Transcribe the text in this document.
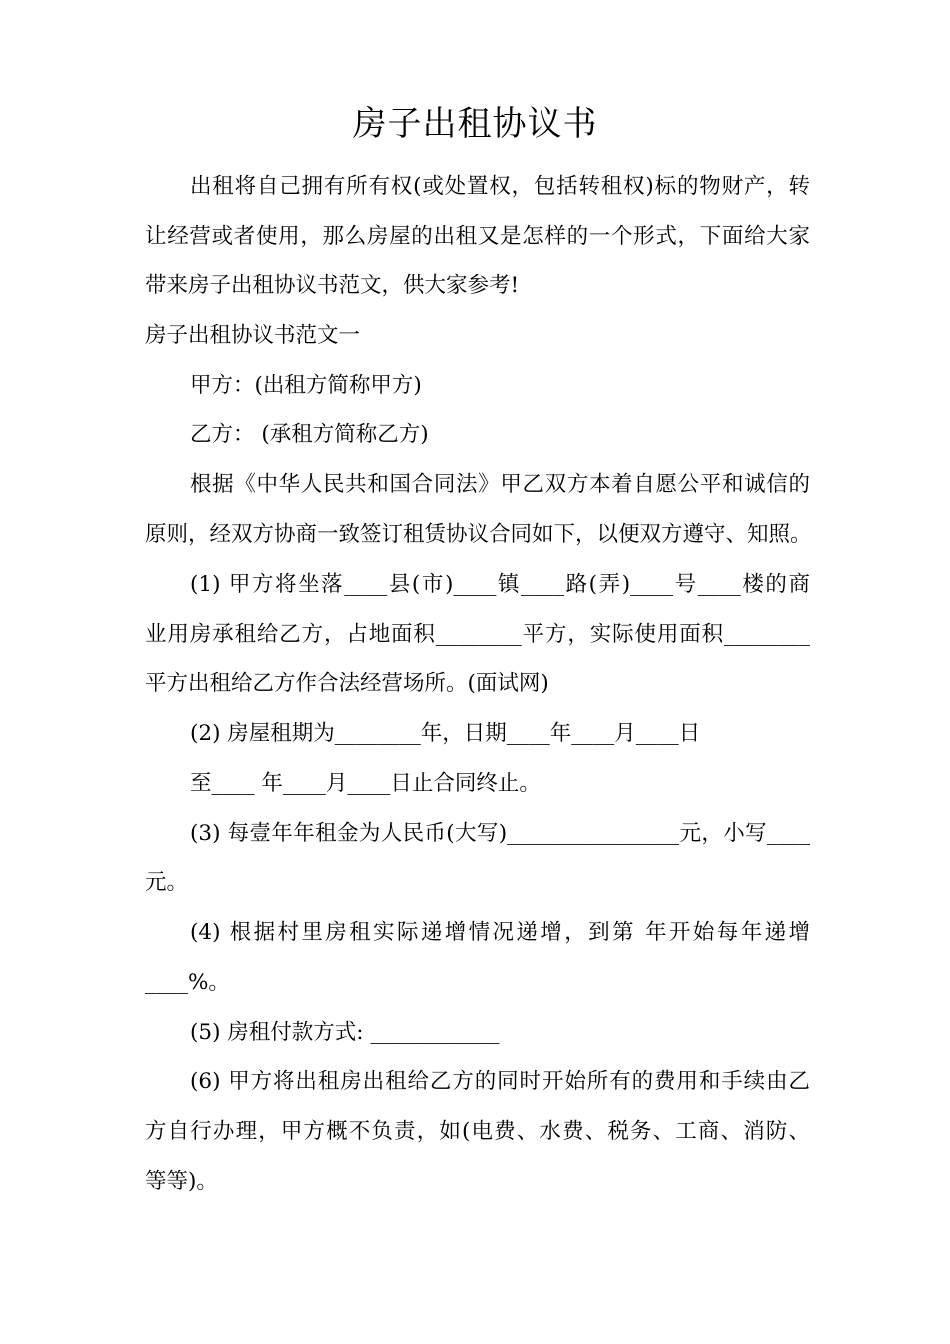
房子出租协议书
出租将自己拥有所有权(或处置权，包括转租权)标的物财产，转
让经营或者使用，那么房屋的出租又是怎样的一个形式，下面给大家
带来房子出租协议书范文，供大家参考!
房子出租协议书范文一
甲方：(出租方简称甲方)
乙方： (承租方简称乙方)
根据《中华人民共和国合同法》甲乙双方本着自愿公平和诚信的
原则，经双方协商一致签订租赁协议合同如下，以便双方遵守、知照。
(1) 甲方将坐落____县(市)____镇____路(弄)____号____楼的商
业用房承租给乙方，占地面积________平方，实际使用面积________
平方出租给乙方作合法经营场所。(面试网)
(2) 房屋租期为________年，日期____年____月____日
至____ 年____月____日止合同终止。
(3) 每壹年年租金为人民币(大写)________________元，小写____
元。
(4) 根据村里房租实际递增情况递增，到第 年开始每年递增
____%。
(5) 房租付款方式: ____________
(6) 甲方将出租房出租给乙方的同时开始所有的费用和手续由乙
方自行办理，甲方概不负责，如(电费、水费、税务、工商、消防、
等等)。
